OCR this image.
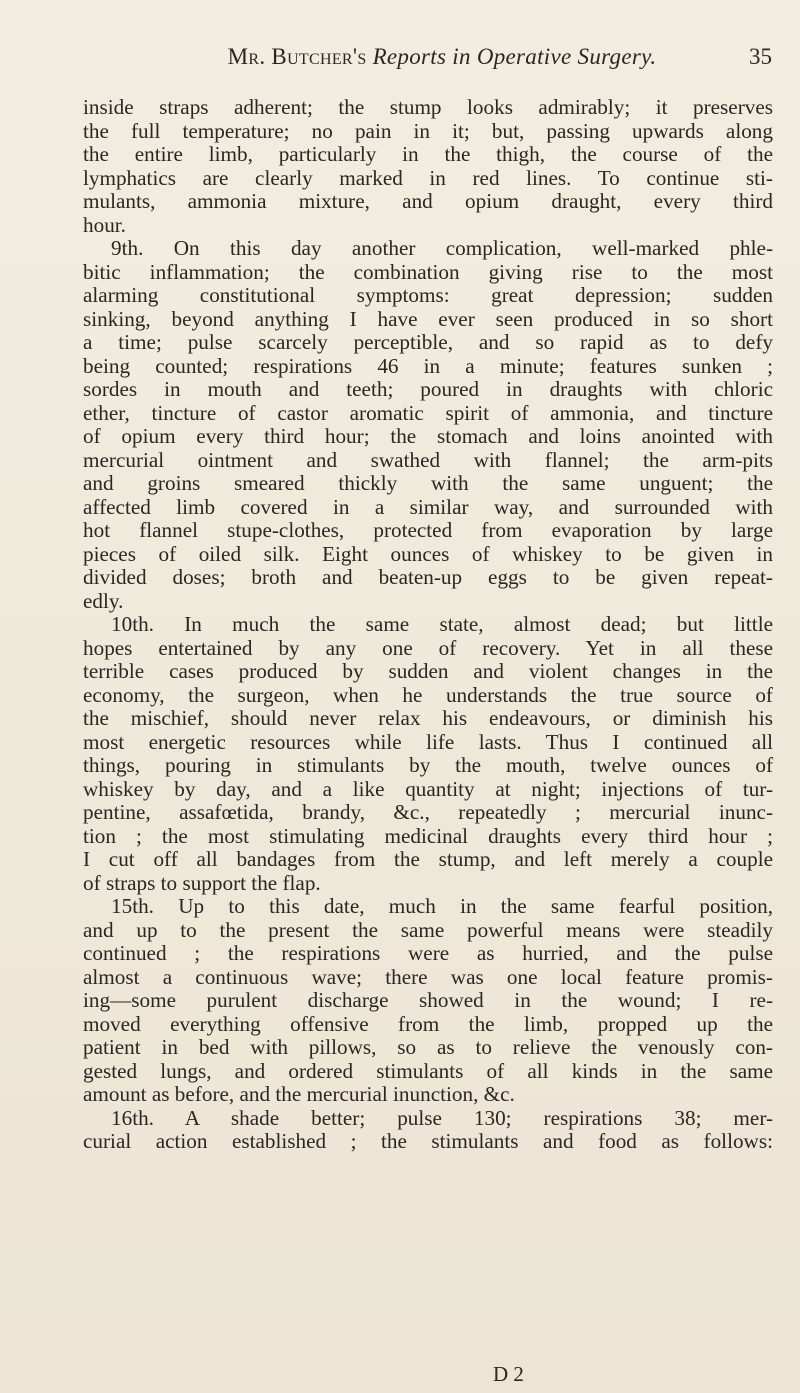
Mr. Butcher's Reports in Operative Surgery.	35
inside straps adherent; the stump looks admirably; it preserves
the full temperature; no pain in it; but, passing upwards along
the entire limb, particularly in the thigh, the course of the
lymphatics are clearly marked in red lines. To continue sti-
mulants, ammonia mixture, and opium draught, every third
hour.
9th. On this day another complication, well-marked phle-
bitic inflammation; the combination giving rise to the most
alarming constitutional symptoms: great depression; sudden
sinking, beyond anything I have ever seen produced in so short
a time; pulse scarcely perceptible, and so rapid as to defy
being counted; respirations 46 in a minute; features sunken ;
sordes in mouth and teeth; poured in draughts with chloric
ether, tincture of castor aromatic spirit of ammonia, and tincture
of opium every third hour; the stomach and loins anointed with
mercurial ointment and swathed with flannel; the arm-pits
and groins smeared thickly with the same unguent; the
affected limb covered in a similar way, and surrounded with
hot flannel stupe-clothes, protected from evaporation by large
pieces of oiled silk. Eight ounces of whiskey to be given in
divided doses; broth and beaten-up eggs to be given repeat-
edly.
10th. In much the same state, almost dead; but little
hopes entertained by any one of recovery. Yet in all these
terrible cases produced by sudden and violent changes in the
economy, the surgeon, when he understands the true source of
the mischief, should never relax his endeavours, or diminish his
most energetic resources while life lasts. Thus I continued all
things, pouring in stimulants by the mouth, twelve ounces of
whiskey by day, and a like quantity at night; injections of tur-
pentine, assafœtida, brandy, &c., repeatedly ; mercurial inunc-
tion ; the most stimulating medicinal draughts every third hour ;
I cut off all bandages from the stump, and left merely a couple
of straps to support the flap.
15th. Up to this date, much in the same fearful position,
and up to the present the same powerful means were steadily
continued ; the respirations were as hurried, and the pulse
almost a continuous wave; there was one local feature promis-
ing—some purulent discharge showed in the wound; I re-
moved everything offensive from the limb, propped up the
patient in bed with pillows, so as to relieve the venously con-
gested lungs, and ordered stimulants of all kinds in the same
amount as before, and the mercurial inunction, &c.
16th. A shade better; pulse 130; respirations 38; mer-
curial action established ; the stimulants and food as follows:
D 2
